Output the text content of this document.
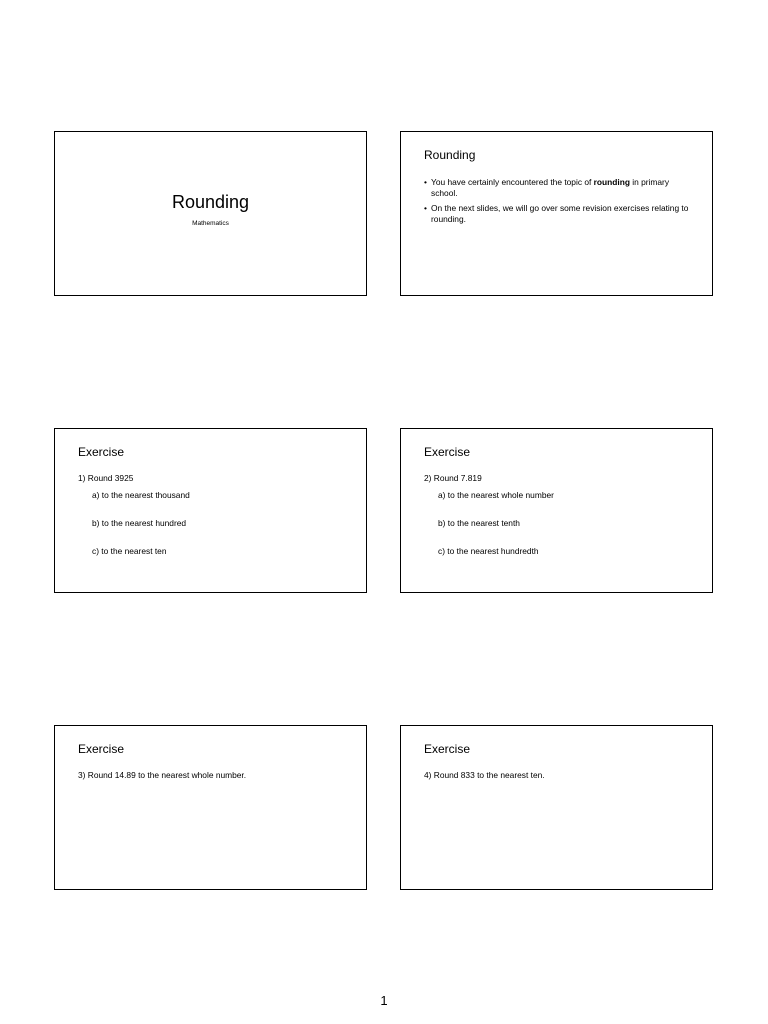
Rounding
Mathematics
Rounding
• You have certainly encountered the topic of rounding in primary school.
• On the next slides, we will go over some revision exercises relating to rounding.
Exercise
1) Round 3925
a) to the nearest thousand
b) to the nearest hundred
c) to the nearest ten
Exercise
2) Round 7.819
a) to the nearest whole number
b) to the nearest tenth
c) to the nearest hundredth
Exercise
3) Round 14.89 to the nearest whole number.
Exercise
4) Round 833 to the nearest ten.
1
